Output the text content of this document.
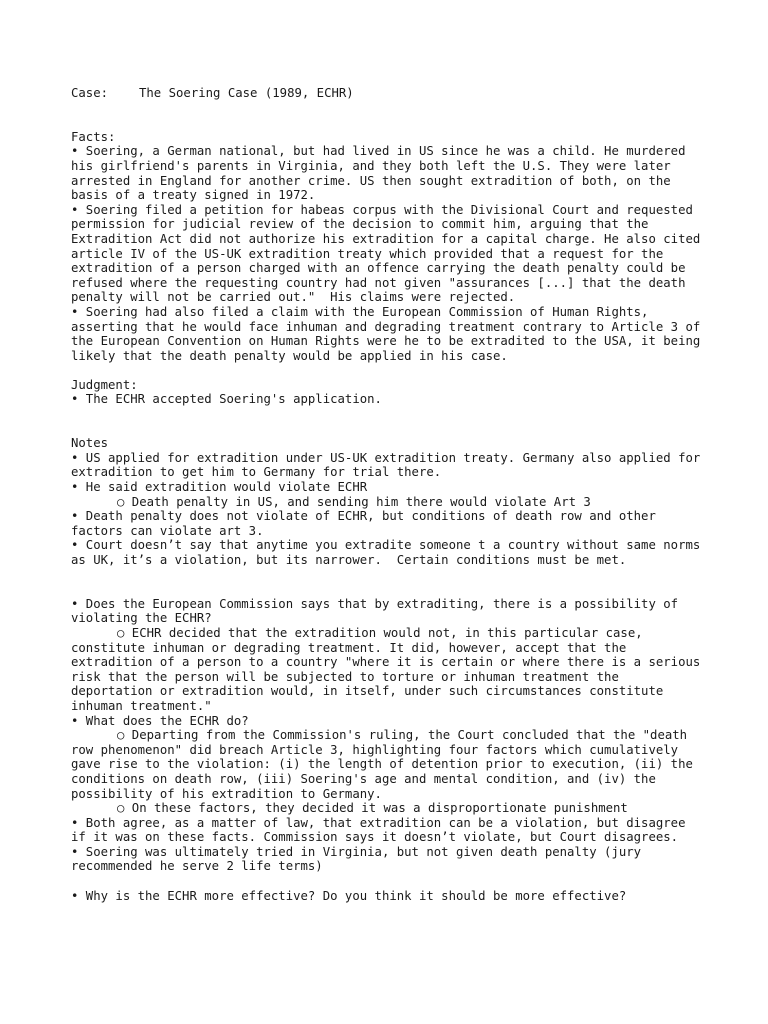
Case:	The Soering Case (1989, ECHR)
Facts:
• Soering, a German national, but had lived in US since he was a child. He murdered his girlfriend's parents in Virginia, and they both left the U.S. They were later arrested in England for another crime. US then sought extradition of both, on the basis of a treaty signed in 1972.
• Soering filed a petition for habeas corpus with the Divisional Court and requested permission for judicial review of the decision to commit him, arguing that the Extradition Act did not authorize his extradition for a capital charge. He also cited article IV of the US-UK extradition treaty which provided that a request for the extradition of a person charged with an offence carrying the death penalty could be refused where the requesting country had not given "assurances [...] that the death penalty will not be carried out."  His claims were rejected.
• Soering had also filed a claim with the European Commission of Human Rights, asserting that he would face inhuman and degrading treatment contrary to Article 3 of the European Convention on Human Rights were he to be extradited to the USA, it being likely that the death penalty would be applied in his case.
Judgment:
• The ECHR accepted Soering's application.
Notes
• US applied for extradition under US-UK extradition treaty. Germany also applied for extradition to get him to Germany for trial there.
• He said extradition would violate ECHR
○ Death penalty in US, and sending him there would violate Art 3
• Death penalty does not violate of ECHR, but conditions of death row and other factors can violate art 3.
• Court doesn’t say that anytime you extradite someone t a country without same norms as UK, it’s a violation, but its narrower.  Certain conditions must be met.
• Does the European Commission says that by extraditing, there is a possibility of violating the ECHR?
○ ECHR decided that the extradition would not, in this particular case, constitute inhuman or degrading treatment. It did, however, accept that the extradition of a person to a country "where it is certain or where there is a serious risk that the person will be subjected to torture or inhuman treatment the deportation or extradition would, in itself, under such circumstances constitute inhuman treatment."
• What does the ECHR do?
○ Departing from the Commission's ruling, the Court concluded that the "death row phenomenon" did breach Article 3, highlighting four factors which cumulatively gave rise to the violation: (i) the length of detention prior to execution, (ii) the conditions on death row, (iii) Soering's age and mental condition, and (iv) the possibility of his extradition to Germany.
○ On these factors, they decided it was a disproportionate punishment
• Both agree, as a matter of law, that extradition can be a violation, but disagree if it was on these facts. Commission says it doesn’t violate, but Court disagrees.
• Soering was ultimately tried in Virginia, but not given death penalty (jury recommended he serve 2 life terms)
• Why is the ECHR more effective? Do you think it should be more effective?
